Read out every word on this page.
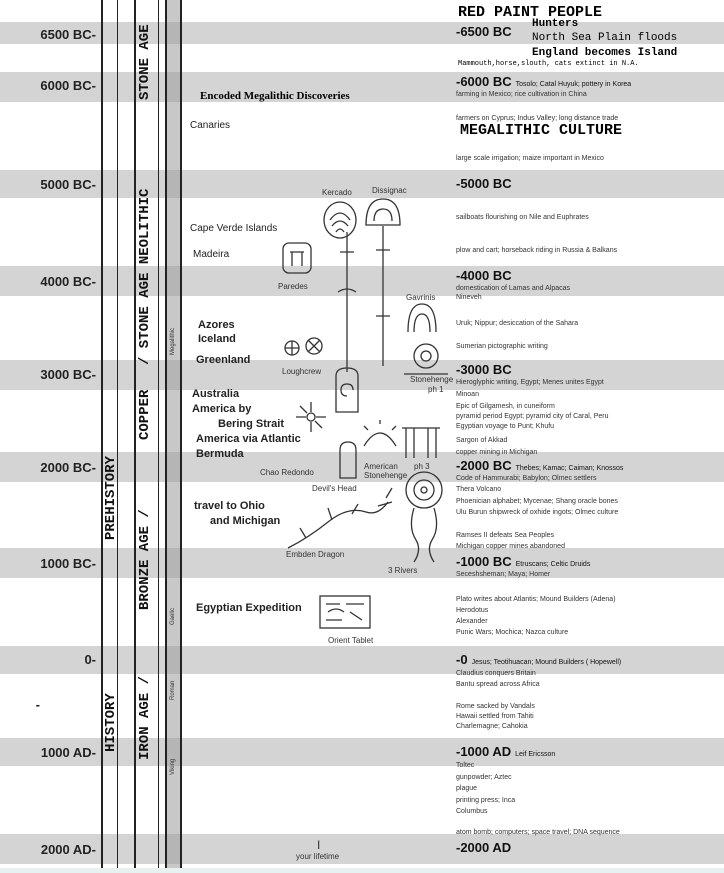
6500 BC-
6000 BC-
5000 BC-
4000 BC-
3000 BC-
2000 BC-
1000 BC-
0-
-
1000 AD-
2000 AD-
PREHISTORY
HISTORY
STONE AGE
/ STONE AGE NEOLITHIC
COPPER
BRONZE AGE /
IRON AGE /
Megalithic
Gaelic
Roman
Viking
Encoded Megalithic Discoveries
RED PAINT PEOPLE
Hunters
North Sea Plain floods
England becomes Island
Mammouth,horse,slouth, cats extinct in N.A.
MEGALITHIC CULTURE
Canaries
Cape Verde Islands
Madeira
Azores
Iceland
Greenland
Australia
America by
Bering Strait
America via Atlantic
Bermuda
travel to Ohio
and Michigan
Egyptian Expedition
Kercado	Dissignac
Paredes
Gavrinis
Loughcrew
Stonehenge
ph 1
Chao Redondo
American
Stonehenge
ph 3
Devil's Head
Embden Dragon
3 Rivers
Orient Tablet
I
your lifetime
-6500 BC
-6000 BC Tosolo; Catal Huyuk; pottery in Korea
farming in Mexico; rice cultivation in China
farmers on Cyprus; Indus Valley; long distance trade
large scale irrigation; maize important in Mexico
-5000 BC
sailboats flourishing on Nile and Euphrates
plow and cart; horseback riding in Russia & Balkans
-4000 BC
domestication of Lamas and Alpacas
Nineveh
Uruk; Nippur; desiccation of the Sahara
Sumerian pictographic writing
-3000 BC
Hieroglyphic writing, Egypt; Menes unites Egypt
Minoan
Epic of Gilgamesh, in cuneiform
pyramid period Egypt; pyramid city of Caral, Peru
Egyptian voyage to Punt; Khufu
Sargon of Akkad
copper mining in Michigan
-2000 BC Thebes; Kamac; Caiman; Knossos
Code of Hammurabi; Babylon; Olmec settlers
Thera Volcano
Phoenician alphabet; Mycenae; Shang oracle bones
Ulu Burun shipwreck of oxhide ingots; Olmec culture
Ramses II defeats Sea Peoples
Michigan copper mines abandoned
-1000 BC Etruscans; Celtic Druids
Seceshsheman; Maya; Homer
Plato writes about Atlantis; Mound Builders (Adena)
Herodotus
Alexander
Punic Wars; Mochica; Nazca culture
-0 Jesus; Teotihuacan; Mound Builders ( Hopewell)
Claudius conquers Britain
Bantu spread across Africa
Rome sacked by Vandals
Hawaii settled from Tahiti
Charlemagne; Cahokia
-1000 AD Leif Ericsson
Toltec
gunpowder; Aztec
plague
printing press; Inca
Columbus
atom bomb; computers; space travel; DNA sequence
-2000 AD
